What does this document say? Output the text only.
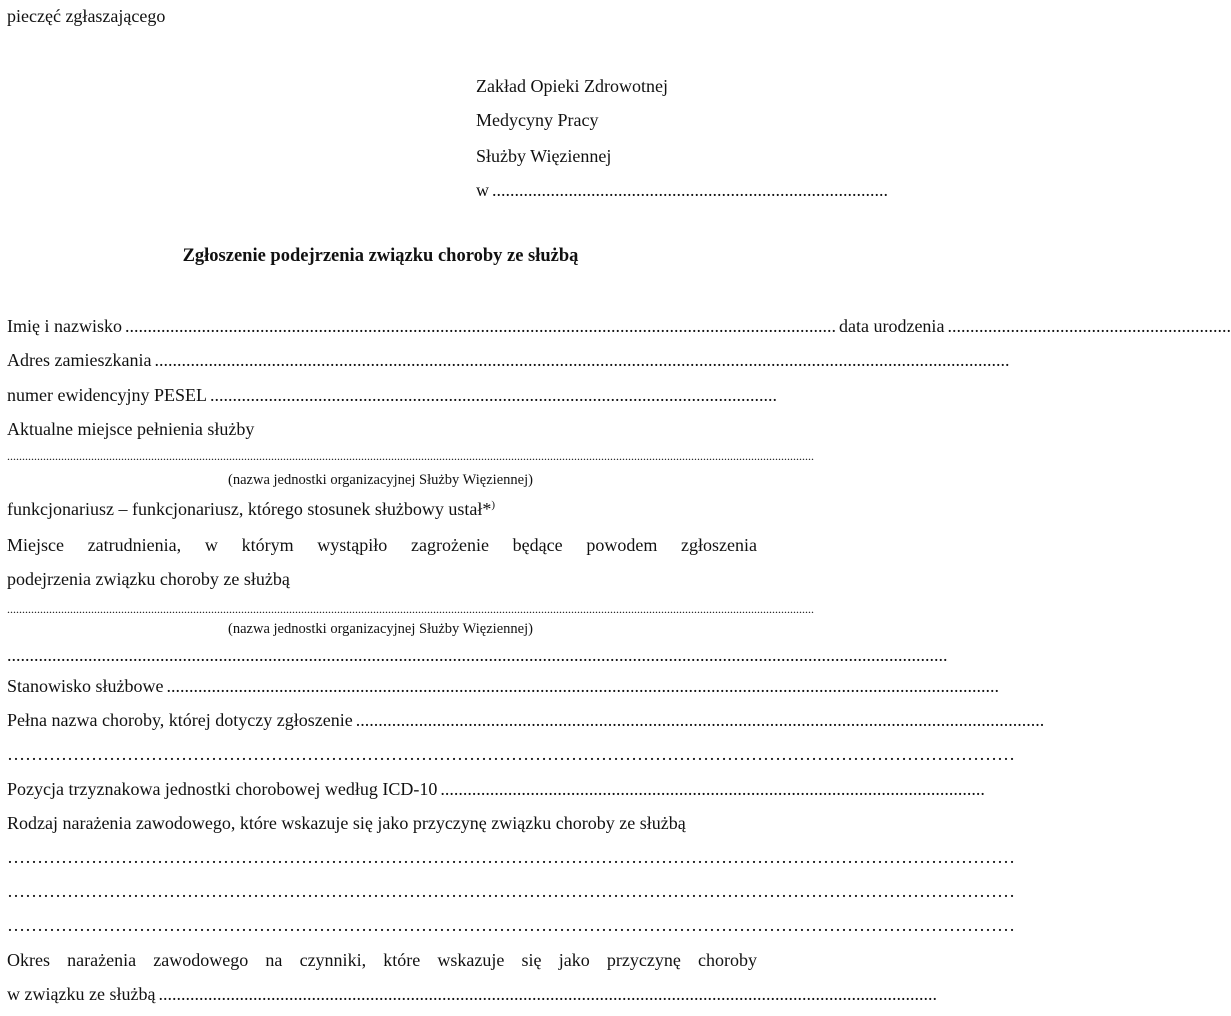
pieczęć zgłaszającego
Zakład Opieki Zdrowotnej
Medycyny Pracy
Służby Więziennej
w ........................................................................................
Zgłoszenie podejrzenia związku choroby ze służbą
Imię i nazwisko .............................................................................................................................................................. data urodzenia ...............................................................
Adres zamieszkania ..............................................................................................................................................................................................
numer ewidencyjny PESEL ..............................................................................................................................
Aktualne miejsce pełnienia służby
.............................................................................................................................................................................................................................................................................
(nazwa jednostki organizacyjnej Służby Więziennej)
funkcjonariusz – funkcjonariusz, którego stosunek służbowy ustał*)
Miejsce zatrudnienia, w którym wystąpiło zagrożenie będące powodem zgłoszenia
podejrzenia związku choroby ze służbą
.............................................................................................................................................................................................................................................................................
(nazwa jednostki organizacyjnej Służby Więziennej)
.................................................................................................................................................................................................................
Stanowisko służbowe .........................................................................................................................................................................................
Pełna nazwa choroby, której dotyczy zgłoszenie .........................................................................................................................................................
……………………………………………………………………………………………………………………………………………………
Pozycja trzyznakowa jednostki chorobowej według ICD-10 .........................................................................................................................
Rodzaj narażenia zawodowego, które wskazuje się jako przyczynę związku choroby ze służbą
……………………………………………………………………………………………………………………………………………………
……………………………………………………………………………………………………………………………………………………
……………………………………………………………………………………………………………………………………………………
Okres narażenia zawodowego na czynniki, które wskazuje się jako przyczynę choroby
w związku ze służbą .............................................................................................................................................................................
